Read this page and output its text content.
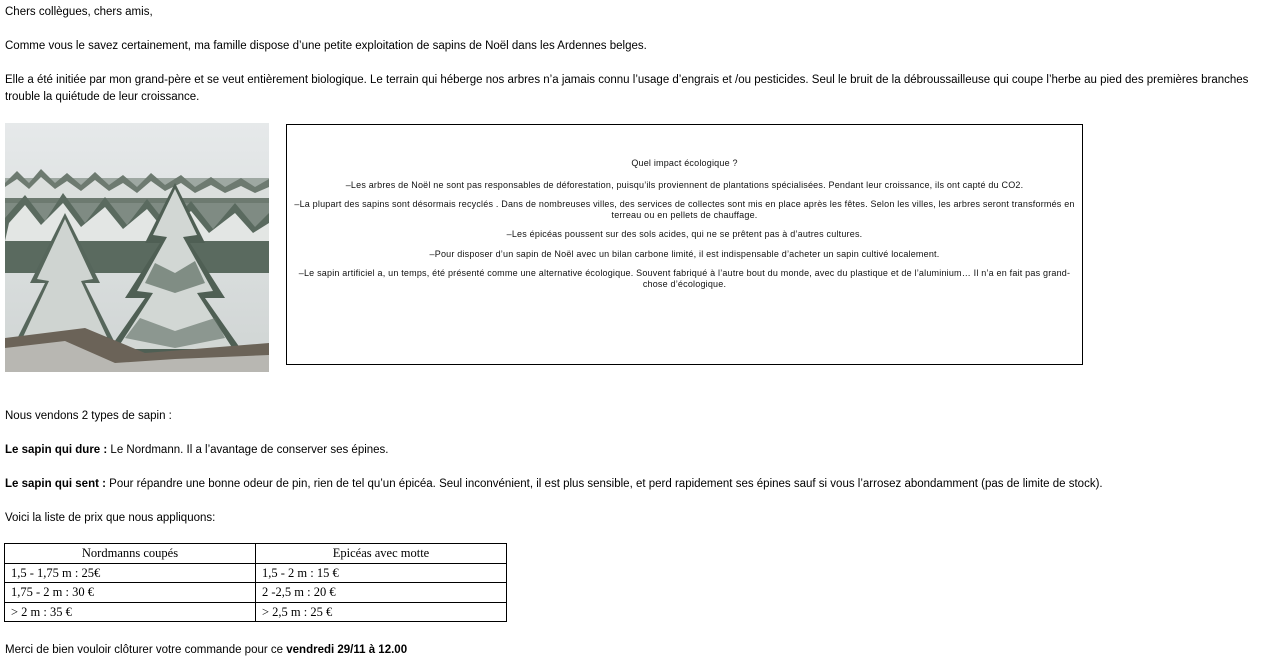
Chers collègues, chers amis,
Comme vous le savez certainement, ma famille dispose d’une petite exploitation de sapins de Noël dans les Ardennes belges.
Elle a été initiée par mon grand-père et se veut entièrement biologique. Le terrain qui héberge nos arbres n’a jamais connu l’usage d’engrais et /ou pesticides. Seul le bruit de la débroussailleuse qui coupe l’herbe au pied des premières branches trouble la quiétude de leur croissance.
Quel impact écologique ?
–Les arbres de Noël ne sont pas responsables de déforestation, puisqu’ils proviennent de plantations spécialisées. Pendant leur croissance, ils ont capté du CO2.
–La plupart des sapins sont désormais recyclés . Dans de nombreuses villes, des services de collectes sont mis en place après les fêtes. Selon les villes, les arbres seront transformés en terreau ou en pellets de chauffage.
–Les épicéas poussent sur des sols acides, qui ne se prêtent pas à d’autres cultures.
–Pour disposer d’un sapin de Noël avec un bilan carbone limité, il est indispensable d’acheter un sapin cultivé localement.
–Le sapin artificiel a, un temps, été présenté comme une alternative écologique. Souvent fabriqué à l’autre bout du monde, avec du plastique et de l’aluminium… Il n’a en fait pas grand-chose d’écologique.
Nous vendons 2 types de sapin :
Le sapin qui dure : Le Nordmann. Il a l’avantage de conserver ses épines.
Le sapin qui sent : Pour répandre une bonne odeur de pin, rien de tel qu’un épicéa. Seul inconvénient, il est plus sensible, et perd rapidement ses épines sauf si vous l’arrosez abondamment (pas de limite de stock).
Voici la liste de prix que nous appliquons:
Nordmanns coupés	Epicéas avec motte
1,5 - 1,75 m : 25€	1,5 - 2 m : 15 €
1,75 - 2 m : 30 €	2 -2,5 m : 20 €
> 2 m : 35 €	> 2,5 m : 25 €
Merci de bien vouloir clôturer votre commande pour ce vendredi 29/11 à 12.00
